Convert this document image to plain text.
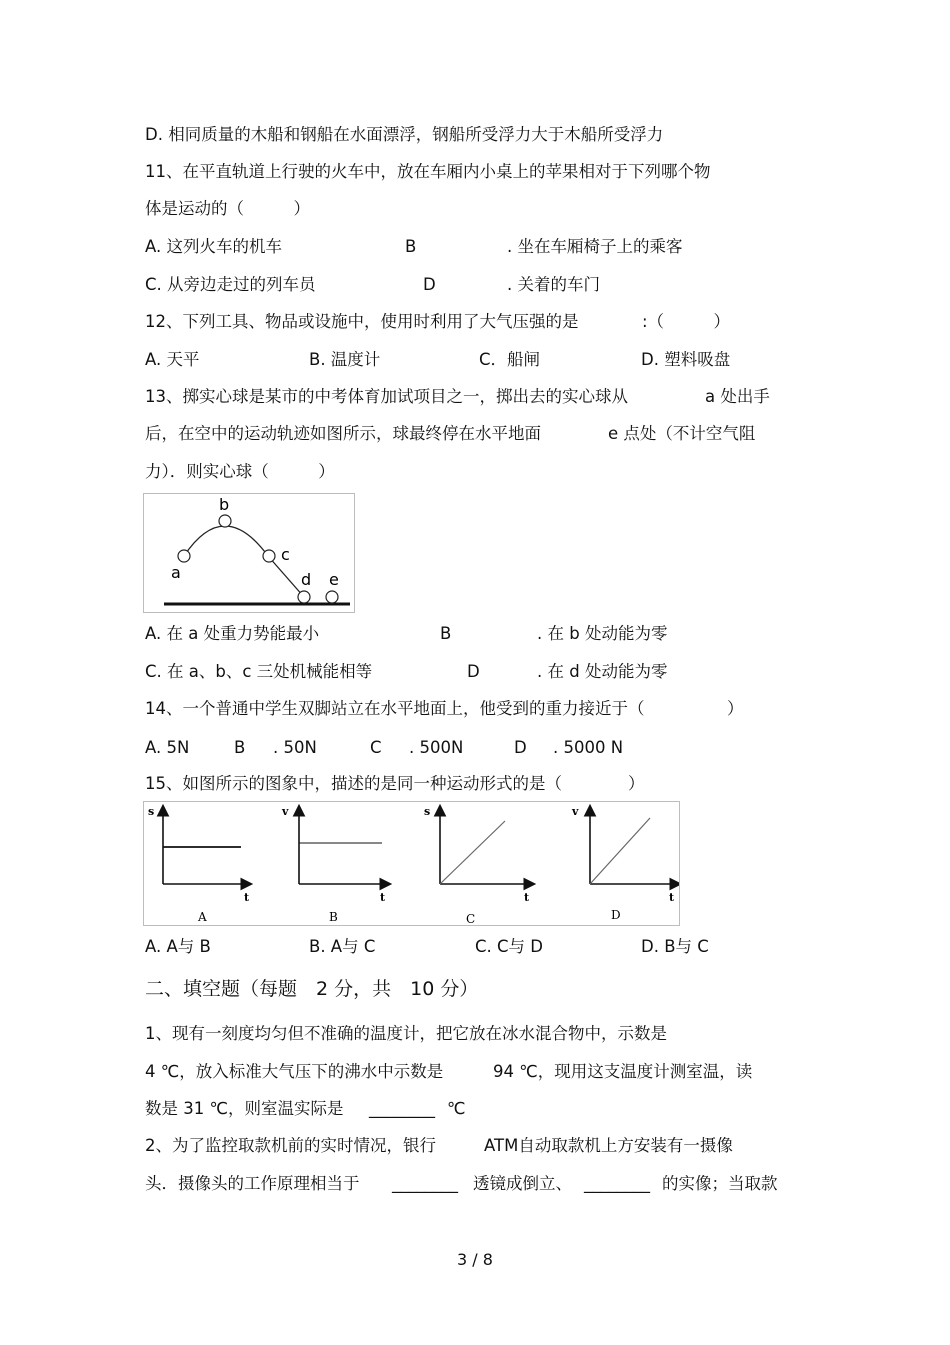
D. 相同质量的木船和钢船在水面漂浮，钢船所受浮力大于木船所受浮力
11、在平直轨道上行驶的火车中，放在车厢内小桌上的苹果相对于下列哪个物
体是运动的（　　　）
A. 这列火车的机车	B	. 坐在车厢椅子上的乘客
C. 从旁边走过的列车员	D	. 关着的车门
12、下列工具、物品或设施中，使用时利用了大气压强的是	:（　　　）
A. 天平	B. 温度计	C．船闸	D. 塑料吸盘
13、掷实心球是某市的中考体育加试项目之一，掷出去的实心球从	a 处出手
后，在空中的运动轨迹如图所示，球最终停在水平地面	e 点处（不计空气阻
力）．则实心球（　　　）
a
b
c
d e
A. 在 a 处重力势能最小	B	. 在 b 处动能为零
C. 在 a、b、c 三处机械能相等	D	. 在 d 处动能为零
14、一个普通中学生双脚站立在水平地面上，他受到的重力接近于（　　　　　）
A. 5N	B . 50N	C . 500N	D . 5000 N
15、如图所示的图象中，描述的是同一种运动形式的是（　　　　）
s
t
A
v
t
B
s
t
C
v
t
D
A. A与 B	B. A与 C	C. C与 D	D. B与 C
二、填空题（每题　2 分，共　10 分）
1、现有一刻度均匀但不准确的温度计，把它放在冰水混合物中，示数是
4 ℃，放入标准大气压下的沸水中示数是	94 ℃，现用这支温度计测室温，读
数是 31 ℃，则室温实际是 ________ ℃
2、为了监控取款机前的实时情况，银行	ATM自动取款机上方安装有一摄像
头．摄像头的工作原理相当于 ________ 透镜成倒立、 ________ 的实像；当取款
3 / 8
